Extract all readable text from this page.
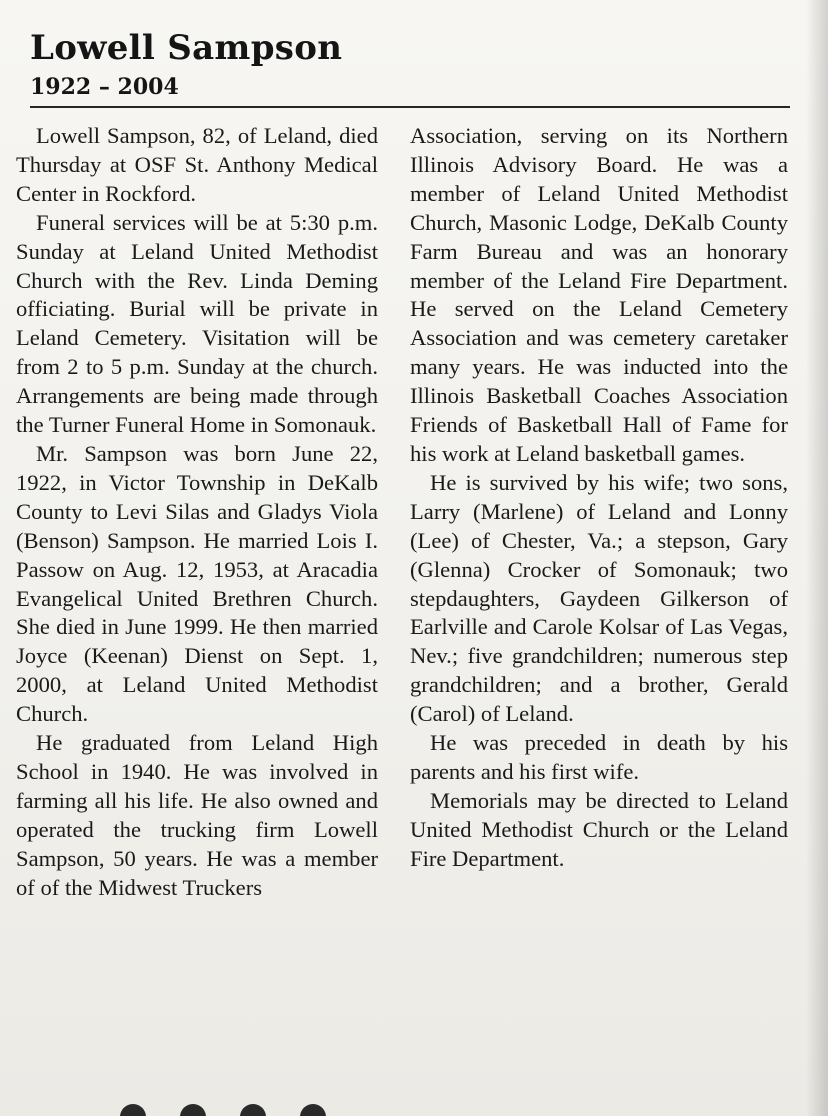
Lowell Sampson
1922 – 2004

Lowell Sampson, 82, of Leland, died Thursday at OSF St. Anthony Medical Center in Rockford.

Funeral services will be at 5:30 p.m. Sunday at Leland United Methodist Church with the Rev. Linda Deming officiating. Burial will be private in Leland Cemetery. Visitation will be from 2 to 5 p.m. Sunday at the church. Arrangements are being made through the Turner Funeral Home in Somonauk.

Mr. Sampson was born June 22, 1922, in Victor Township in DeKalb County to Levi Silas and Gladys Viola (Benson) Sampson. He married Lois I. Passow on Aug. 12, 1953, at Aracadia Evangelical United Brethren Church. She died in June 1999. He then married Joyce (Keenan) Dienst on Sept. 1, 2000, at Leland United Methodist Church.

He graduated from Leland High School in 1940. He was involved in farming all his life. He also owned and operated the trucking firm Lowell Sampson, 50 years. He was a member of of the Midwest Truckers

Association, serving on its Northern Illinois Advisory Board. He was a member of Leland United Methodist Church, Masonic Lodge, DeKalb County Farm Bureau and was an honorary member of the Leland Fire Department. He served on the Leland Cemetery Association and was cemetery caretaker many years. He was inducted into the Illinois Basketball Coaches Association Friends of Basketball Hall of Fame for his work at Leland basketball games.

He is survived by his wife; two sons, Larry (Marlene) of Leland and Lonny (Lee) of Chester, Va.; a stepson, Gary (Glenna) Crocker of Somonauk; two stepdaughters, Gaydeen Gilkerson of Earlville and Carole Kolsar of Las Vegas, Nev.; five grandchildren; numerous step grandchildren; and a brother, Gerald (Carol) of Leland.

He was preceded in death by his parents and his first wife.

Memorials may be directed to Leland United Methodist Church or the Leland Fire Department.
